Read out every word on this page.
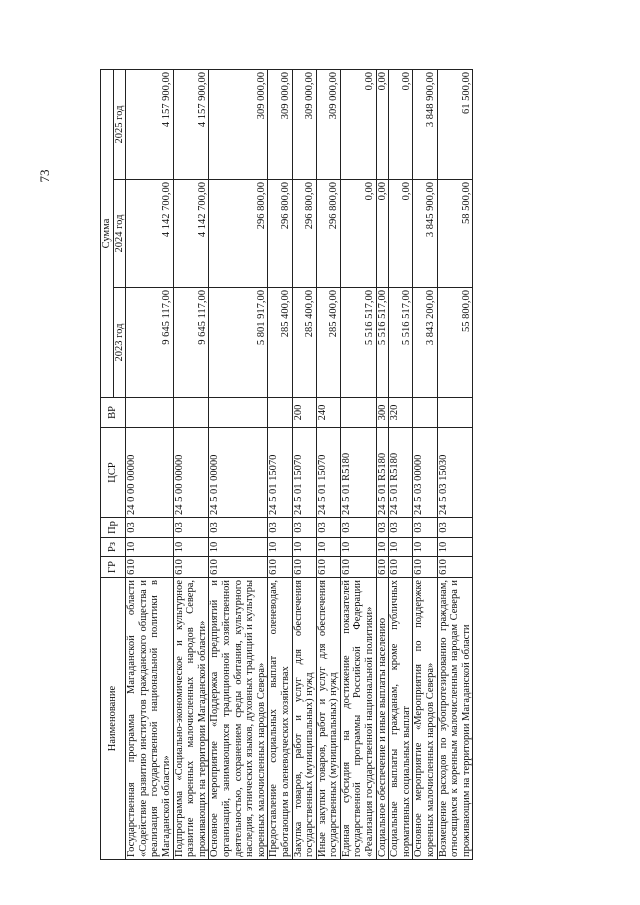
73
Наименование	ГР	Рз	Пр	ЦСР	ВР	Сумма		
						2023 год	2024 год	2025 год
Государственная программа Магаданской области «Содействие развитию институтов гражданского общества и реализация государственной национальной политики в Магаданской области»	610	10	03	24 0 00 00000		9 645 117,00	4 142 700,00	4 157 900,00
Подпрограмма «Социально-экономическое и культурное развитие коренных малочисленных народов Севера, проживающих на территории Магаданской области»	610	10	03	24 5 00 00000		9 645 117,00	4 142 700,00	4 157 900,00
Основное мероприятие «Поддержка предприятий и организаций, занимающихся традиционной хозяйственной деятельностью, сохранением среды обитания, культурного наследия, этнических языков, духовных традиций и культуры коренных малочисленных народов Севера»	610	10	03	24 5 01 00000		5 801 917,00	296 800,00	309 000,00
Предоставление социальных выплат оленеводам, работающим в оленеводческих хозяйствах	610	10	03	24 5 01 15070		285 400,00	296 800,00	309 000,00
Закупка товаров, работ и услуг для обеспечения государственных (муниципальных) нужд	610	10	03	24 5 01 15070	200	285 400,00	296 800,00	309 000,00
Иные закупки товаров, работ и услуг для обеспечения государственных (муниципальных) нужд	610	10	03	24 5 01 15070	240	285 400,00	296 800,00	309 000,00
Единая субсидия на достижение показателей государственной программы Российской Федерации «Реализация государственной национальной политики»	610	10	03	24 5 01 R5180		5 516 517,00	0,00	0,00
Социальное обеспечение и иные выплаты населению	610	10	03	24 5 01 R5180	300	5 516 517,00	0,00	0,00
Социальные выплаты гражданам, кроме публичных нормативных социальных выплат	610	10	03	24 5 01 R5180	320	5 516 517,00	0,00	0,00
Основное мероприятие «Мероприятия по поддержке коренных малочисленных народов Севера»	610	10	03	24 5 03 00000		3 843 200,00	3 845 900,00	3 848 900,00
Возмещение расходов по зубопротезированию гражданам, относящимся к коренным малочисленным народам Севера и проживающим на территории Магаданской области	610	10	03	24 5 03 15030		55 800,00	58 500,00	61 500,00
